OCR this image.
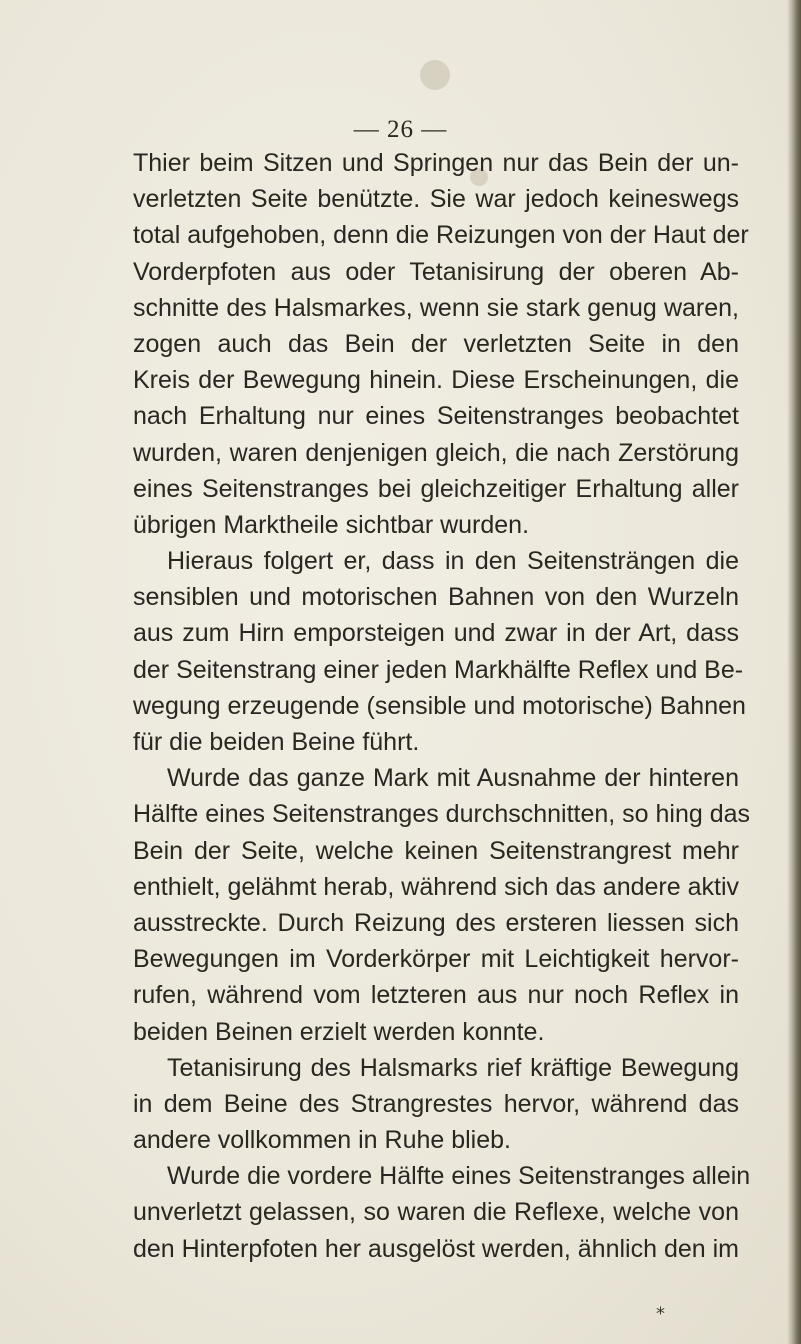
— 26 —
Thier beim Sitzen und Springen nur das Bein der un-
verletzten Seite benützte. Sie war jedoch keineswegs
total aufgehoben, denn die Reizungen von der Haut der
Vorderpfoten aus oder Tetanisirung der oberen Ab-
schnitte des Halsmarkes, wenn sie stark genug waren,
zogen auch das Bein der verletzten Seite in den
Kreis der Bewegung hinein. Diese Erscheinungen, die
nach Erhaltung nur eines Seitenstranges beobachtet
wurden, waren denjenigen gleich, die nach Zerstörung
eines Seitenstranges bei gleichzeitiger Erhaltung aller
übrigen Marktheile sichtbar wurden.
Hieraus folgert er, dass in den Seitensträngen die
sensiblen und motorischen Bahnen von den Wurzeln
aus zum Hirn emporsteigen und zwar in der Art, dass
der Seitenstrang einer jeden Markhälfte Reflex und Be-
wegung erzeugende (sensible und motorische) Bahnen
für die beiden Beine führt.
Wurde das ganze Mark mit Ausnahme der hinteren
Hälfte eines Seitenstranges durchschnitten, so hing das
Bein der Seite, welche keinen Seitenstrangrest mehr
enthielt, gelähmt herab, während sich das andere aktiv
ausstreckte. Durch Reizung des ersteren liessen sich
Bewegungen im Vorderkörper mit Leichtigkeit hervor-
rufen, während vom letzteren aus nur noch Reflex in
beiden Beinen erzielt werden konnte.
Tetanisirung des Halsmarks rief kräftige Bewegung
in dem Beine des Strangrestes hervor, während das
andere vollkommen in Ruhe blieb.
Wurde die vordere Hälfte eines Seitenstranges allein
unverletzt gelassen, so waren die Reflexe, welche von
den Hinterpfoten her ausgelöst werden, ähnlich den im
⁎
